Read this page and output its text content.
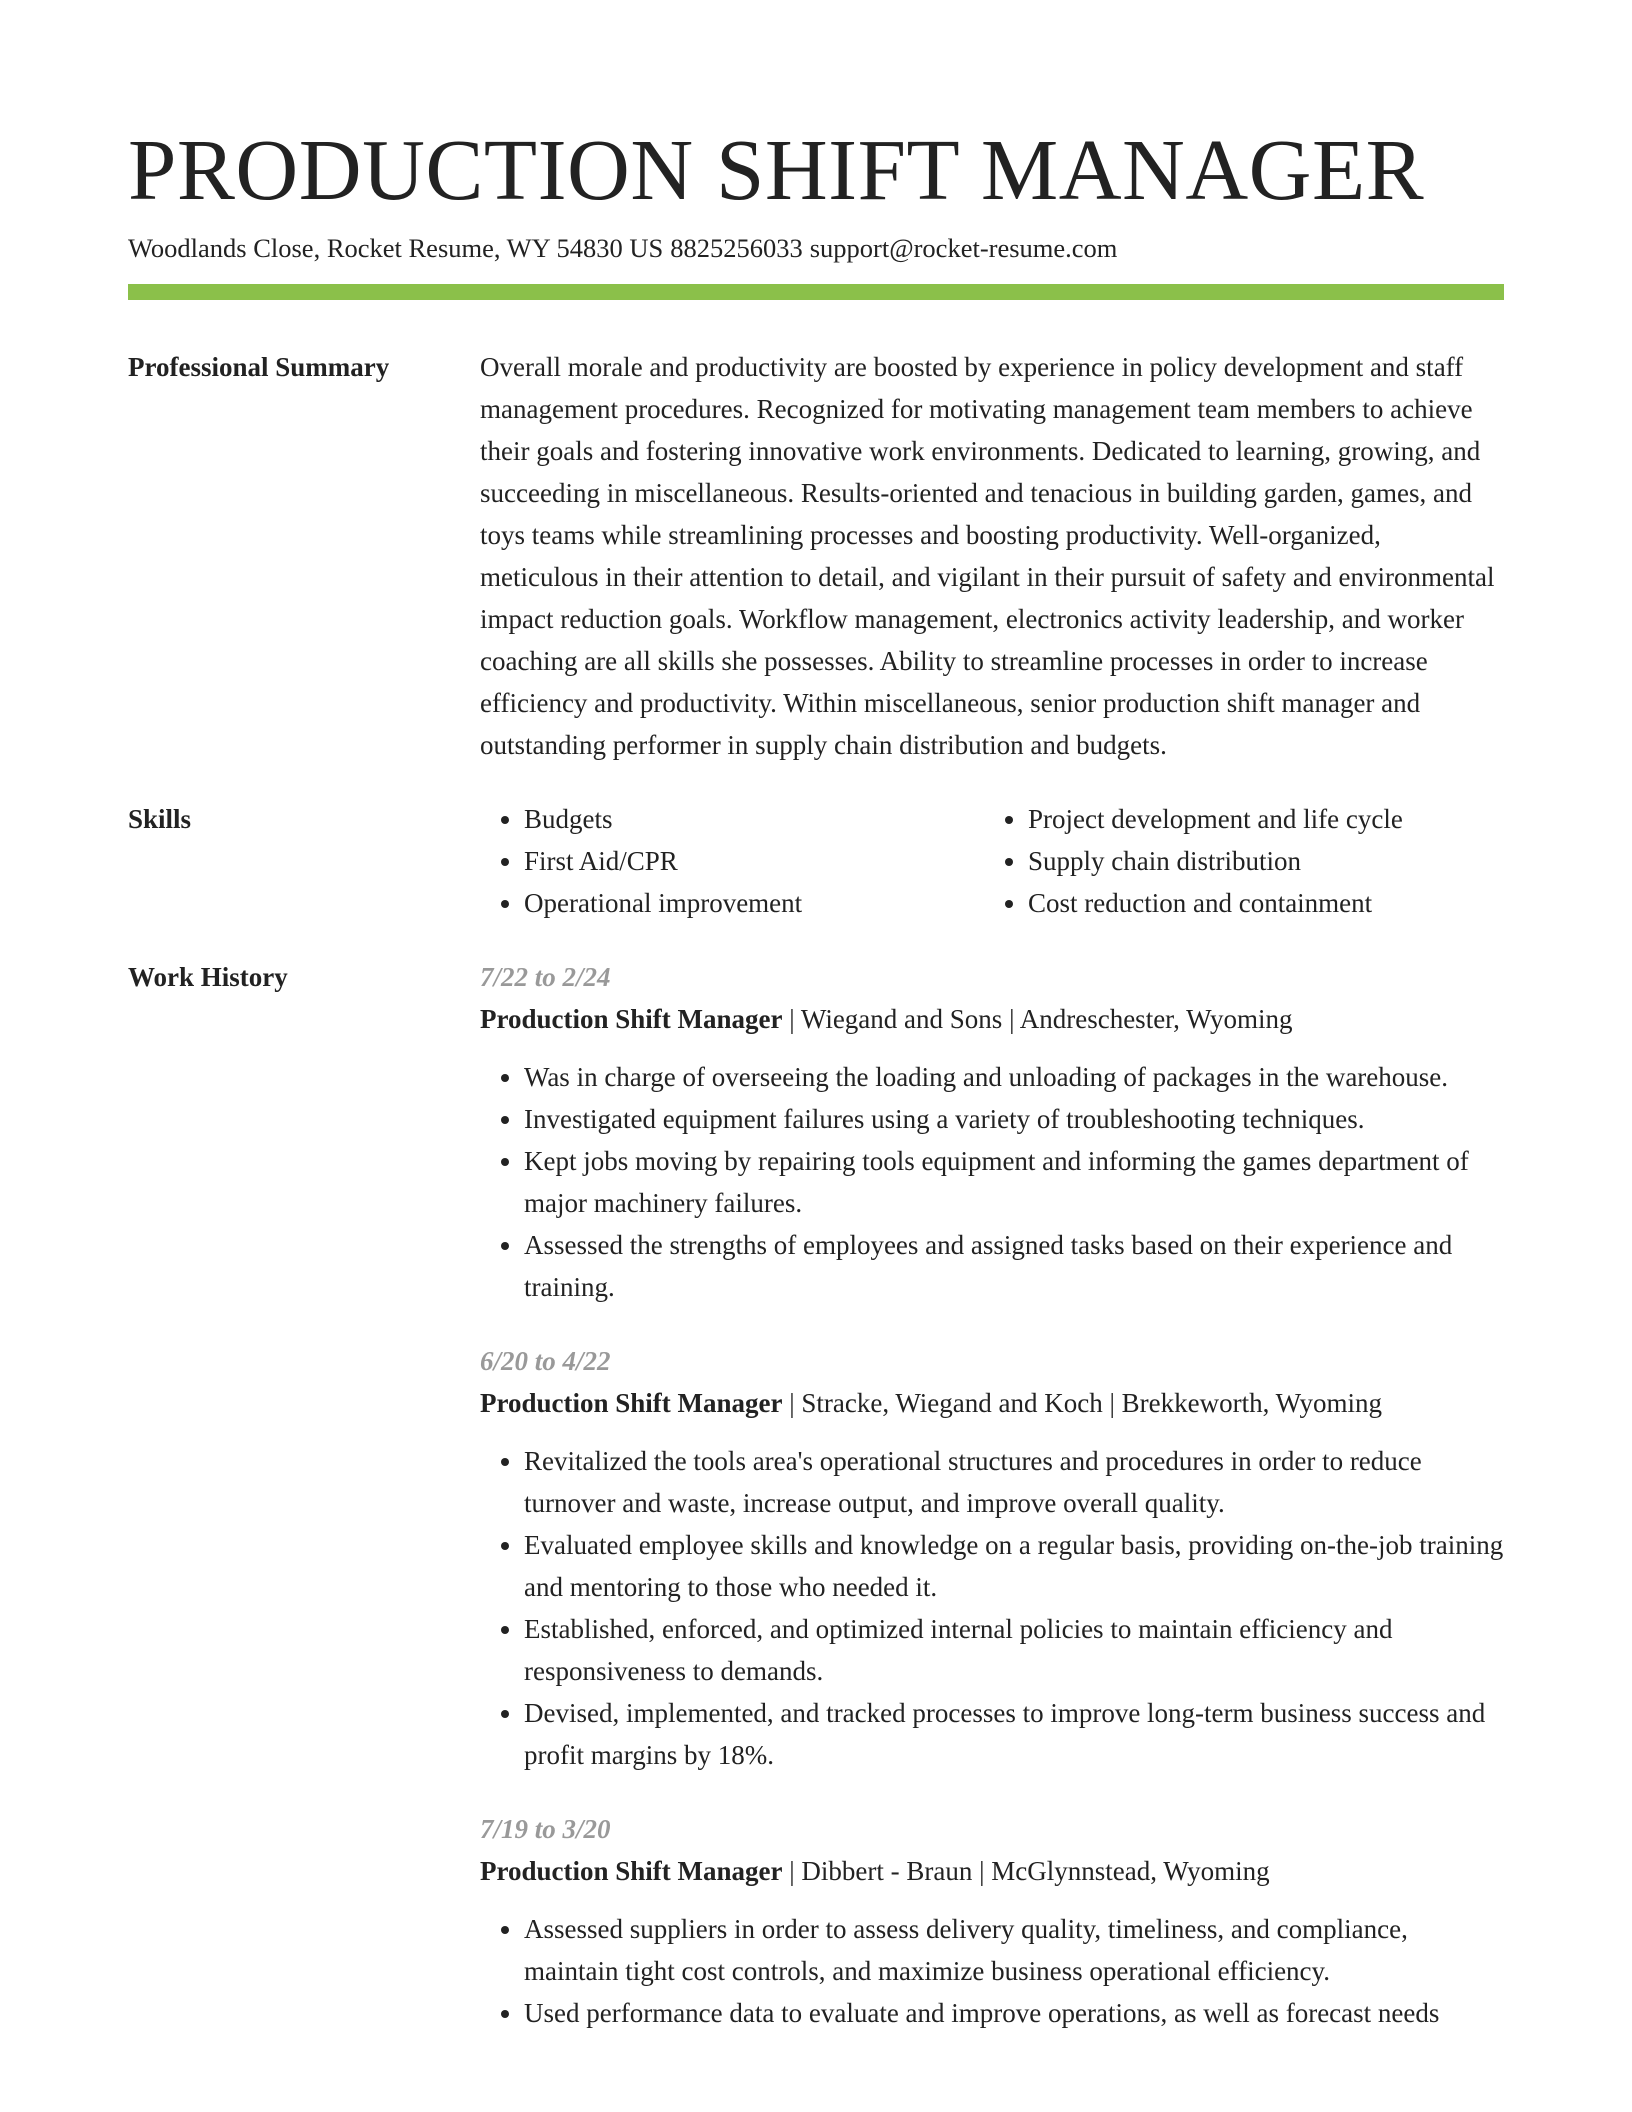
PRODUCTION SHIFT MANAGER
Woodlands Close, Rocket Resume, WY 54830 US 8825256033 support@rocket-resume.com
Professional Summary	Overall morale and productivity are boosted by experience in policy development and staff management procedures. Recognized for motivating management team members to achieve their goals and fostering innovative work environments. Dedicated to learning, growing, and succeeding in miscellaneous. Results-oriented and tenacious in building garden, games, and toys teams while streamlining processes and boosting productivity. Well-organized, meticulous in their attention to detail, and vigilant in their pursuit of safety and environmental impact reduction goals. Workflow management, electronics activity leadership, and worker coaching are all skills she possesses. Ability to streamline processes in order to increase efficiency and productivity. Within miscellaneous, senior production shift manager and outstanding performer in supply chain distribution and budgets.

Skills
•	Budgets
• First Aid/CPR
• Operational improvement
• Project development and life cycle
• Supply chain distribution
• Cost reduction and containment
Work History	7/22 to 2/24
Production Shift Manager | Wiegand and Sons | Andreschester, Wyoming
• Was in charge of overseeing the loading and unloading of packages in the warehouse.
• Investigated equipment failures using a variety of troubleshooting techniques.
• Kept jobs moving by repairing tools equipment and informing the games department of major machinery failures.
• Assessed the strengths of employees and assigned tasks based on their experience and training.
6/20 to 4/22
Production Shift Manager | Stracke, Wiegand and Koch | Brekkeworth, Wyoming
• Revitalized the tools area's operational structures and procedures in order to reduce turnover and waste, increase output, and improve overall quality.
• Evaluated employee skills and knowledge on a regular basis, providing on-the-job training and mentoring to those who needed it.
• Established, enforced, and optimized internal policies to maintain efficiency and responsiveness to demands.
• Devised, implemented, and tracked processes to improve long-term business success and profit margins by 18%.
7/19 to 3/20
Production Shift Manager | Dibbert - Braun | McGlynnstead, Wyoming
• Assessed suppliers in order to assess delivery quality, timeliness, and compliance, maintain tight cost controls, and maximize business operational efficiency.
• Used performance data to evaluate and improve operations, as well as forecast needs
